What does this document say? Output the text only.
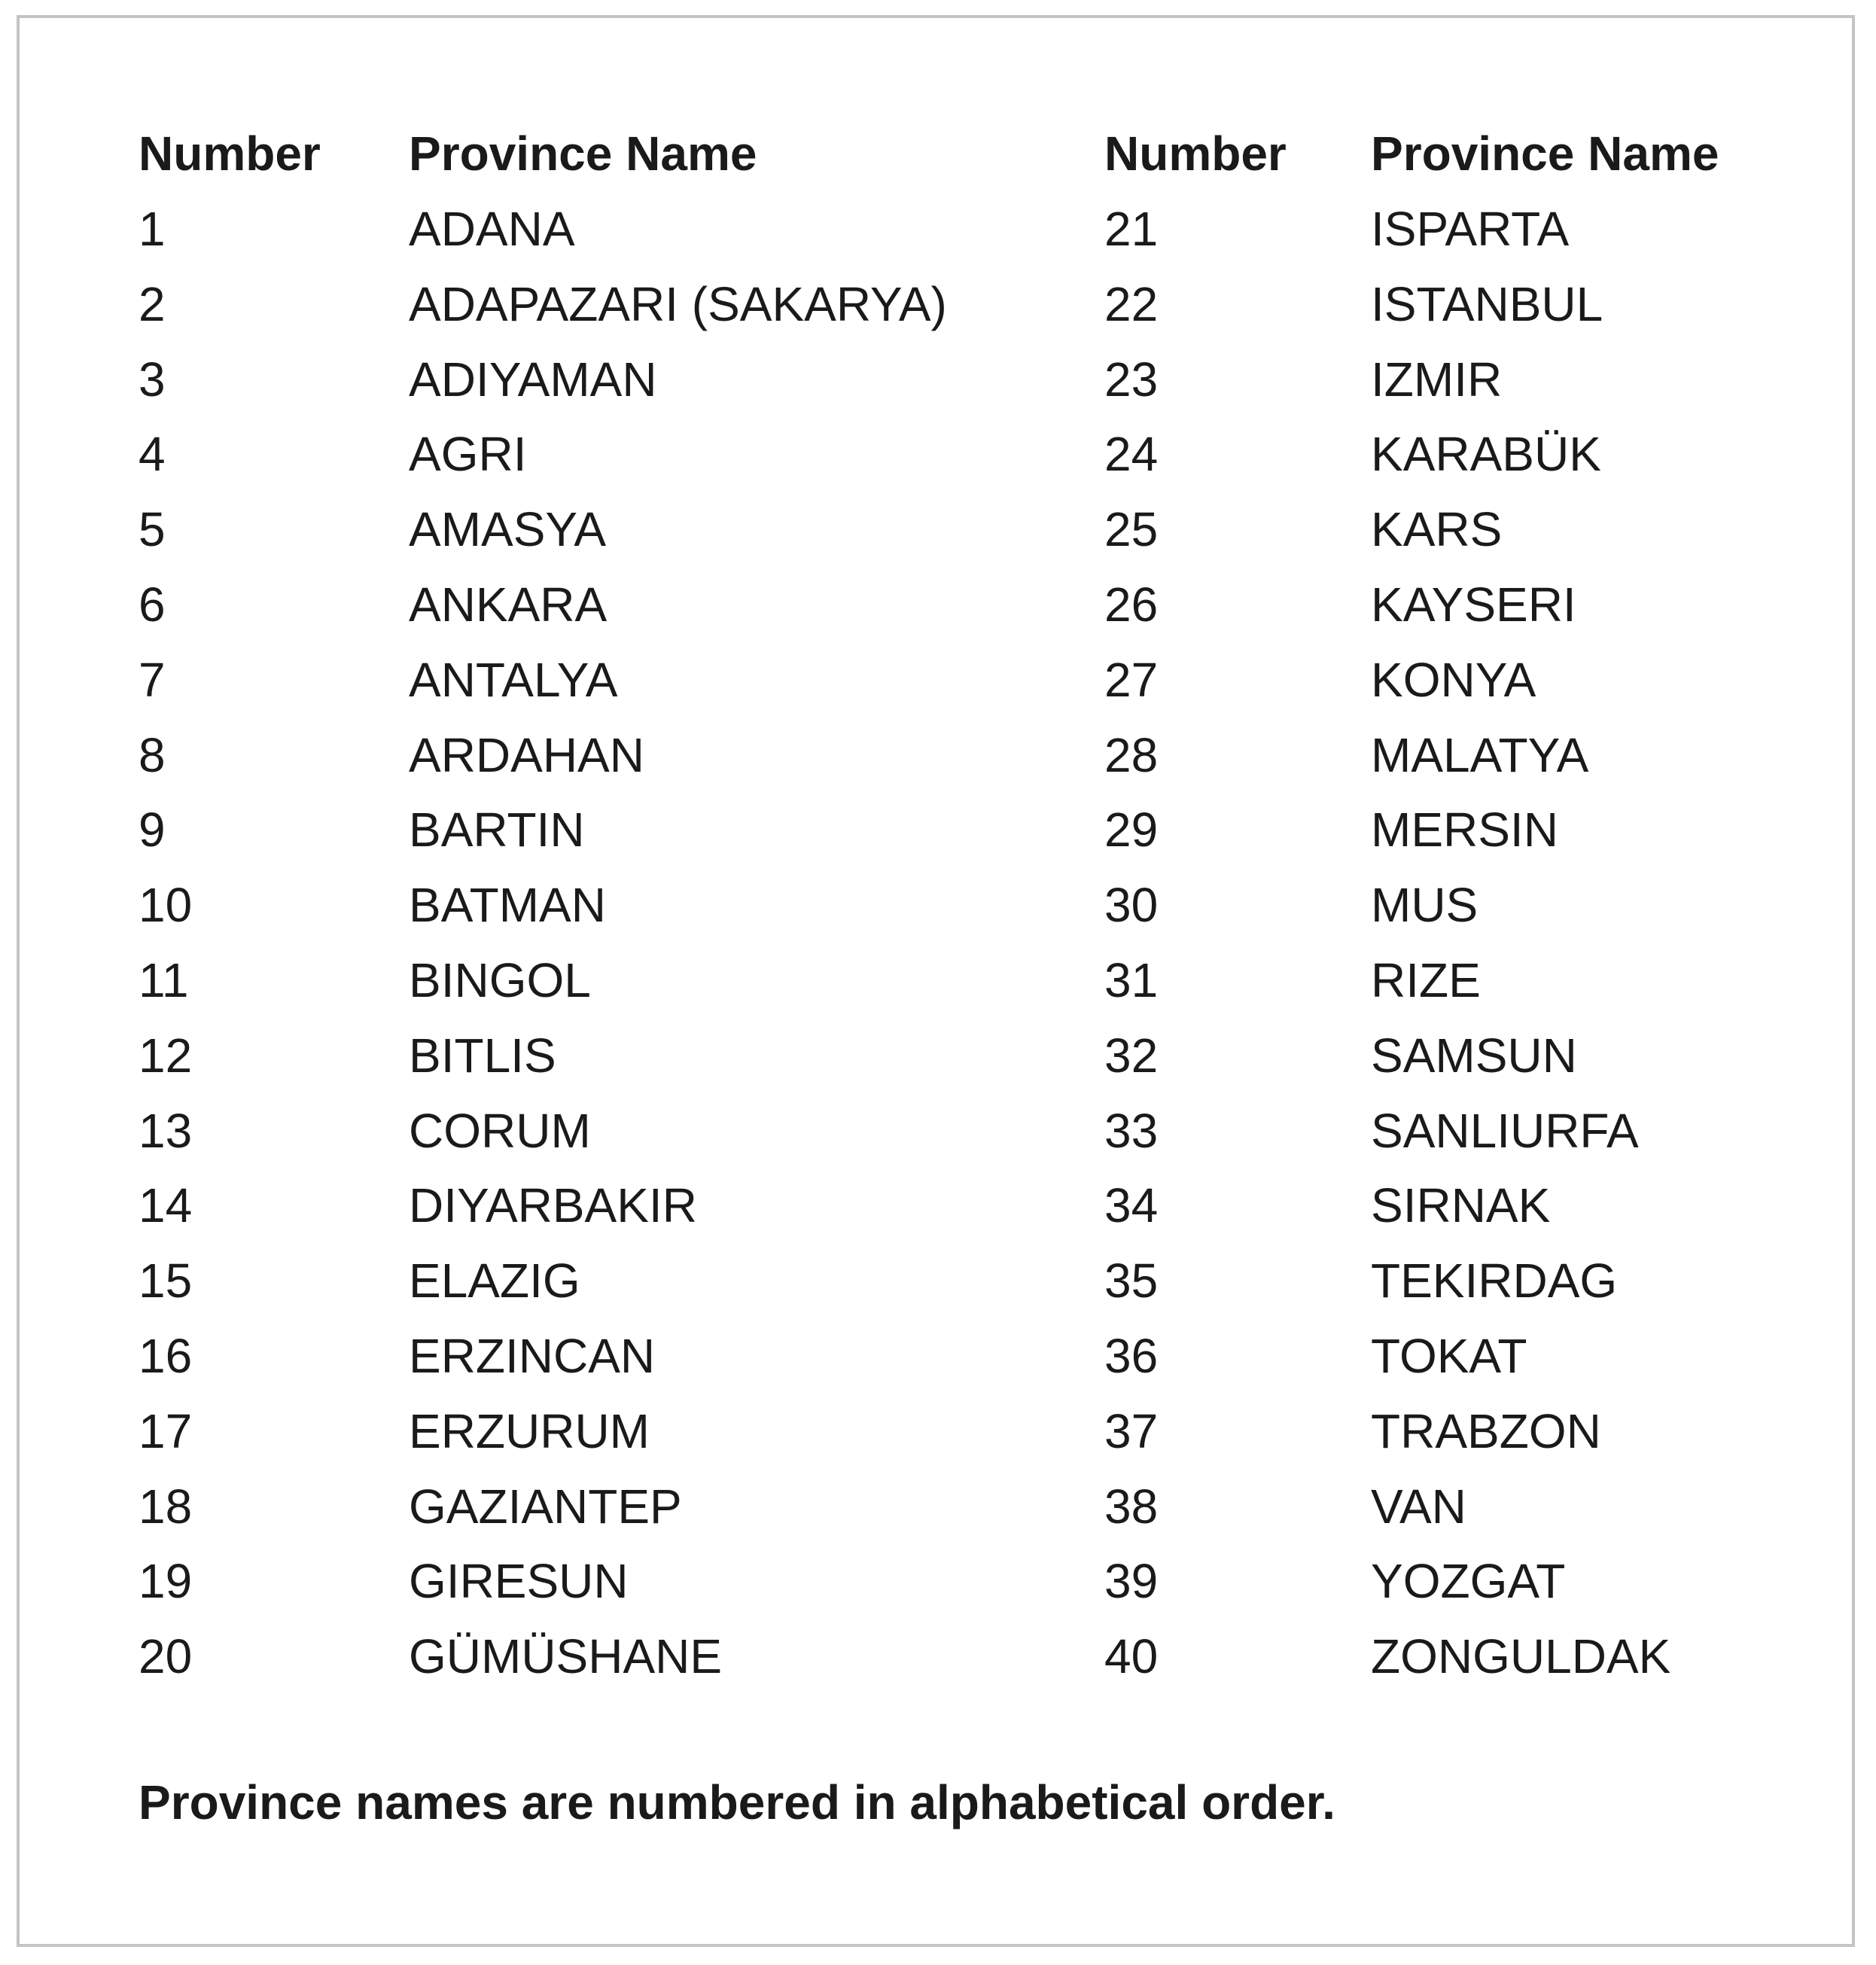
Number
1
2
3
4
5
6
7
8
9
10
11
12
13
14
15
16
17
18
19
20
Province Name
ADANA
ADAPAZARI (SAKARYA)
ADIYAMAN
AGRI
AMASYA
ANKARA
ANTALYA
ARDAHAN
BARTIN
BATMAN
BINGOL
BITLIS
CORUM
DIYARBAKIR
ELAZIG
ERZINCAN
ERZURUM
GAZIANTEP
GIRESUN
GÜMÜSHANE
Number
21
22
23
24
25
26
27
28
29
30
31
32
33
34
35
36
37
38
39
40
Province Name
ISPARTA
ISTANBUL
IZMIR
KARABÜK
KARS
KAYSERI
KONYA
MALATYA
MERSIN
MUS
RIZE
SAMSUN
SANLIURFA
SIRNAK
TEKIRDAG
TOKAT
TRABZON
VAN
YOZGAT
ZONGULDAK
Province names are numbered in alphabetical order.
